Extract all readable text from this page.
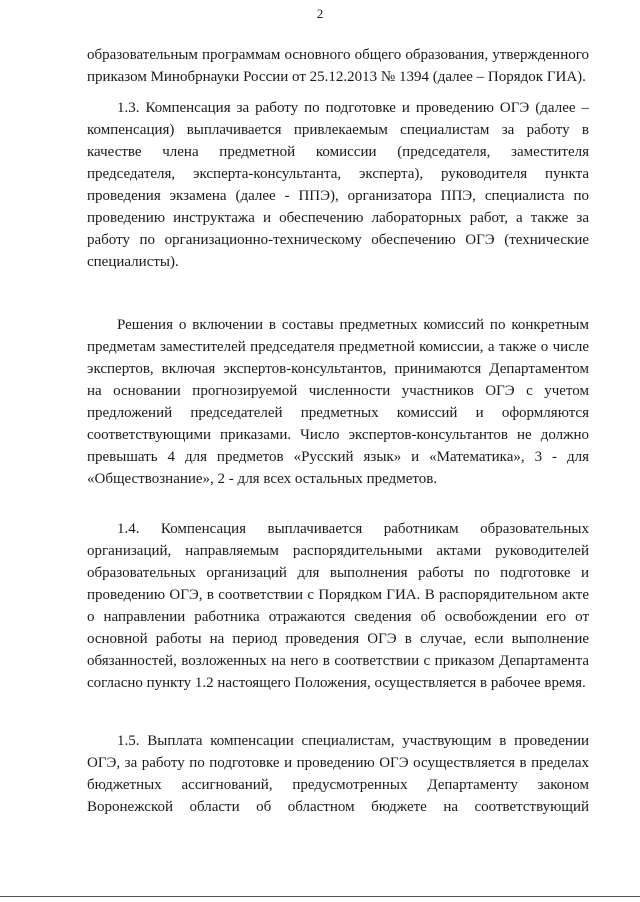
2
образовательным программам основного общего образования, утвержденного
приказом Минобрнауки России от 25.12.2013 № 1394 (далее – Порядок ГИА).
1.3. Компенсация за работу по подготовке и проведению ОГЭ (далее –
компенсация) выплачивается привлекаемым специалистам за работу в
качестве члена предметной комиссии (председателя, заместителя
председателя, эксперта-консультанта, эксперта), руководителя пункта
проведения экзамена (далее - ППЭ), организатора ППЭ, специалиста по
проведению инструктажа и обеспечению лабораторных работ, а также за
работу по организационно-техническому обеспечению ОГЭ (технические
специалисты).
Решения о включении в составы предметных комиссий по конкретным
предметам заместителей председателя предметной комиссии, а также о числе
экспертов, включая экспертов-консультантов, принимаются Департаментом
на основании прогнозируемой численности участников ОГЭ с учетом
предложений председателей предметных комиссий и оформляются
соответствующими приказами. Число экспертов-консультантов не должно
превышать 4 для предметов «Русский язык» и «Математика», 3 - для
«Обществознание», 2 - для всех остальных предметов.
1.4. Компенсация выплачивается работникам образовательных
организаций, направляемым распорядительными актами руководителей
образовательных организаций для выполнения работы по подготовке и
проведению ОГЭ, в соответствии с Порядком ГИА. В распорядительном акте
о направлении работника отражаются сведения об освобождении его от
основной работы на период проведения ОГЭ в случае, если выполнение
обязанностей, возложенных на него в соответствии с приказом Департамента
согласно пункту 1.2 настоящего Положения, осуществляется в рабочее время.
1.5. Выплата компенсации специалистам, участвующим в проведении
ОГЭ, за работу по подготовке и проведению ОГЭ осуществляется в пределах
бюджетных ассигнований, предусмотренных Департаменту законом
Воронежской области об областном бюджете на соответствующий
